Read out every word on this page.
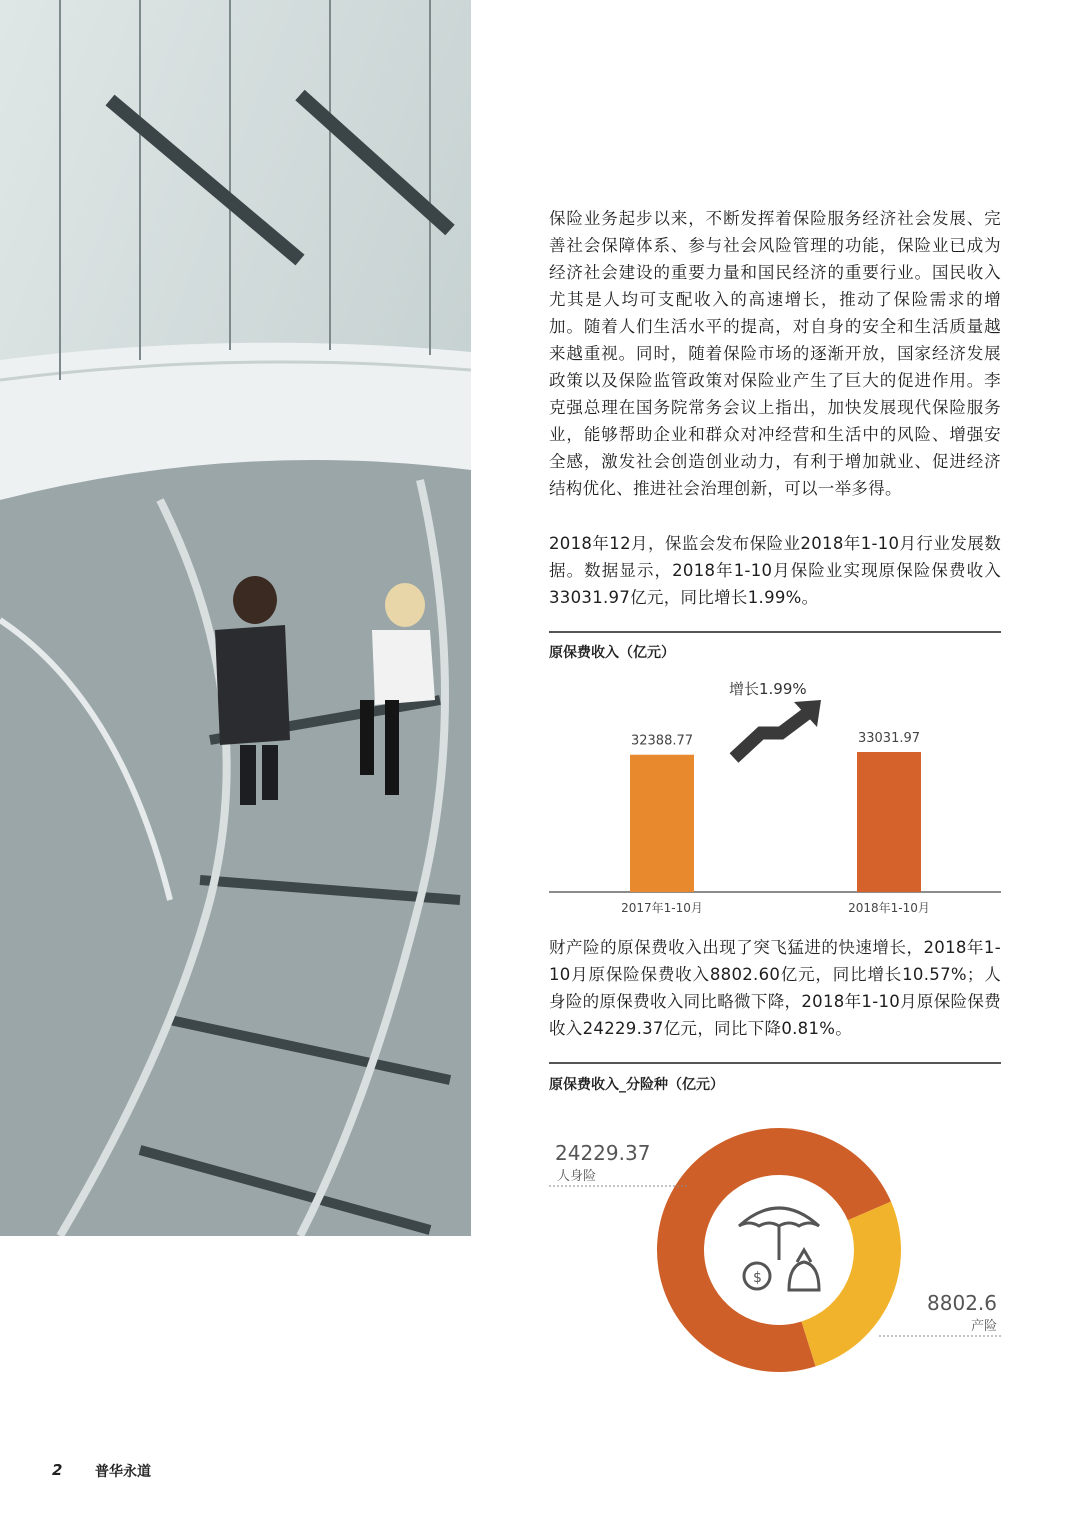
保险业务起步以来，不断发挥着保险服务经济社会发展、完善社会保障体系、参与社会风险管理的功能，保险业已成为经济社会建设的重要力量和国民经济的重要行业。国民收入尤其是人均可支配收入的高速增长，推动了保险需求的增加。随着人们生活水平的提高，对自身的安全和生活质量越来越重视。同时，随着保险市场的逐渐开放，国家经济发展政策以及保险监管政策对保险业产生了巨大的促进作用。李克强总理在国务院常务会议上指出，加快发展现代保险服务业，能够帮助企业和群众对冲经营和生活中的风险、增强安全感，激发社会创造创业动力，有利于增加就业、促进经济结构优化、推进社会治理创新，可以一举多得。

2018年12月，保监会发布保险业2018年1-10月行业发展数据。数据显示，2018年1-10月保险业实现原保险保费收入33031.97亿元，同比增长1.99%。

原保费收入（亿元）
增长1.99%
32388.77
2017年1-10月
33031.97
2018年1-10月

财产险的原保费收入出现了突飞猛进的快速增长，2018年1-10月原保险保费收入8802.60亿元，同比增长10.57%；人身险的原保费收入同比略微下降，2018年1-10月原保险保费收入24229.37亿元，同比下降0.81%。

原保费收入_分险种（亿元）
$
24229.37
人身险
8802.6
产险
2 普华永道
